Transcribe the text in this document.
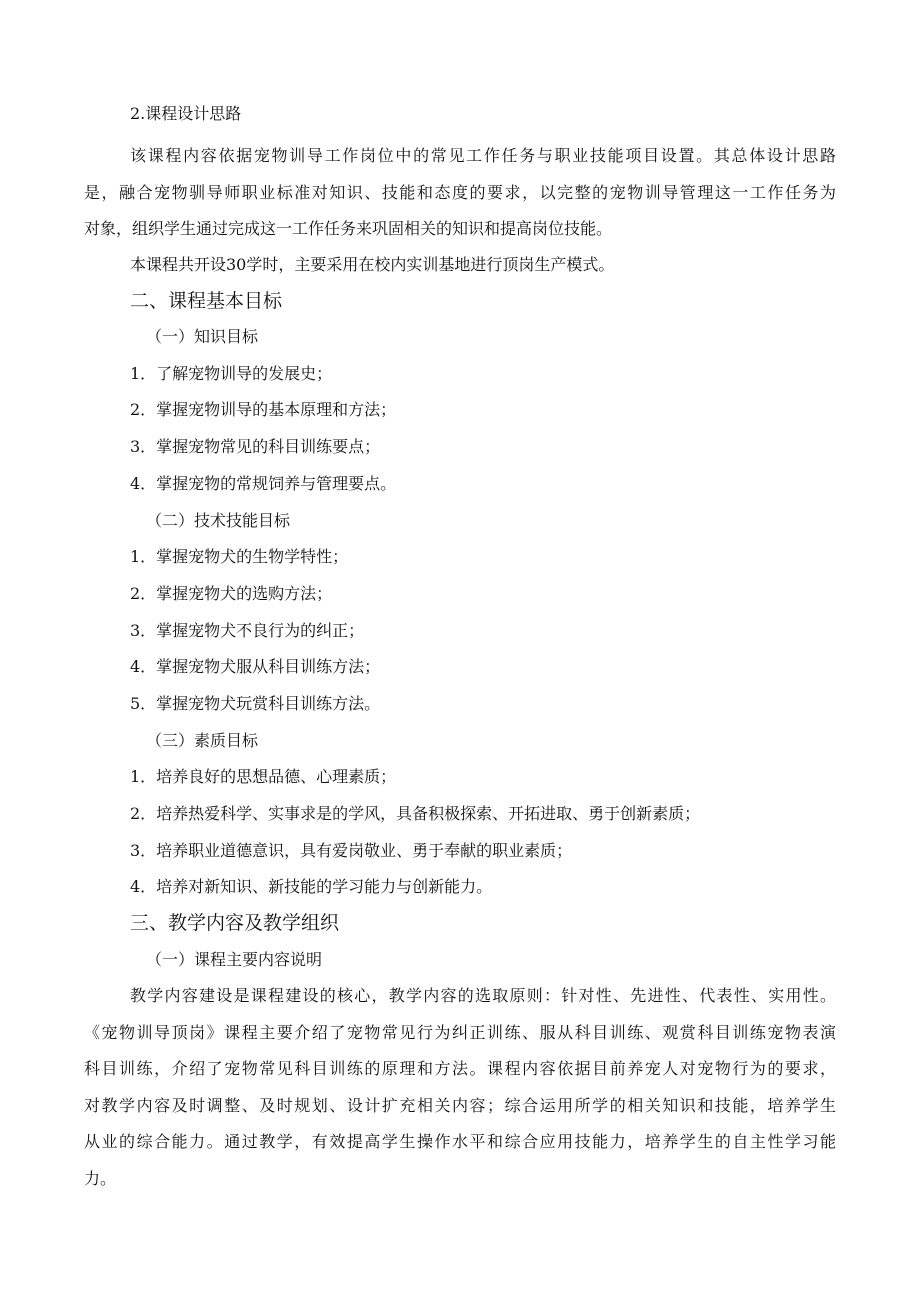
2.课程设计思路
该课程内容依据宠物训导工作岗位中的常见工作任务与职业技能项目设置。其总体设计思路
是，融合宠物驯导师职业标准对知识、技能和态度的要求，以完整的宠物训导管理这一工作任务为
对象，组织学生通过完成这一工作任务来巩固相关的知识和提高岗位技能。
本课程共开设30学时，主要采用在校内实训基地进行顶岗生产模式。
二、课程基本目标
（一）知识目标
1．了解宠物训导的发展史；
2．掌握宠物训导的基本原理和方法；
3．掌握宠物常见的科目训练要点；
4．掌握宠物的常规饲养与管理要点。
（二）技术技能目标
1．掌握宠物犬的生物学特性；
2．掌握宠物犬的选购方法；
3．掌握宠物犬不良行为的纠正；
4．掌握宠物犬服从科目训练方法；
5．掌握宠物犬玩赏科目训练方法。
（三）素质目标
1．培养良好的思想品德、心理素质；
2．培养热爱科学、实事求是的学风，具备积极探索、开拓进取、勇于创新素质；
3．培养职业道德意识，具有爱岗敬业、勇于奉献的职业素质；
4．培养对新知识、新技能的学习能力与创新能力。
三、教学内容及教学组织
（一）课程主要内容说明
教学内容建设是课程建设的核心，教学内容的选取原则：针对性、先进性、代表性、实用性。
《宠物训导顶岗》课程主要介绍了宠物常见行为纠正训练、服从科目训练、观赏科目训练宠物表演
科目训练，介绍了宠物常见科目训练的原理和方法。课程内容依据目前养宠人对宠物行为的要求，
对教学内容及时调整、及时规划、设计扩充相关内容；综合运用所学的相关知识和技能，培养学生
从业的综合能力。通过教学，有效提高学生操作水平和综合应用技能力，培养学生的自主性学习能
力。
